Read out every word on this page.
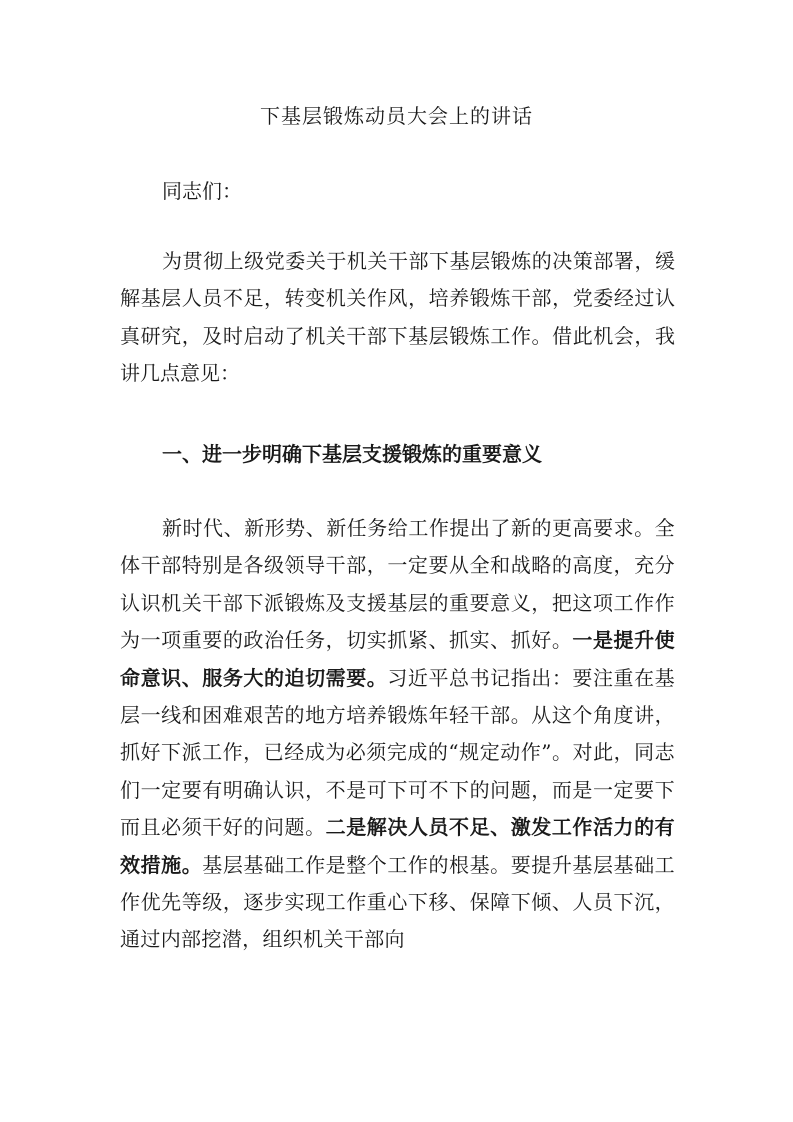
下基层锻炼动员大会上的讲话
同志们：
为贯彻上级党委关于机关干部下基层锻炼的决策部署，缓解基层人员不足，转变机关作风，培养锻炼干部，党委经过认真研究，及时启动了机关干部下基层锻炼工作。借此机会，我讲几点意见：
一、进一步明确下基层支援锻炼的重要意义
新时代、新形势、新任务给工作提出了新的更高要求。全体干部特别是各级领导干部，一定要从全和战略的高度，充分认识机关干部下派锻炼及支援基层的重要意义，把这项工作作为一项重要的政治任务，切实抓紧、抓实、抓好。一是提升使命意识、服务大的迫切需要。习近平总书记指出：要注重在基层一线和困难艰苦的地方培养锻炼年轻干部。从这个角度讲，抓好下派工作，已经成为必须完成的“规定动作”。对此，同志们一定要有明确认识，不是可下可不下的问题，而是一定要下而且必须干好的问题。二是解决人员不足、激发工作活力的有效措施。基层基础工作是整个工作的根基。要提升基层基础工作优先等级，逐步实现工作重心下移、保障下倾、人员下沉，通过内部挖潜，组织机关干部向
